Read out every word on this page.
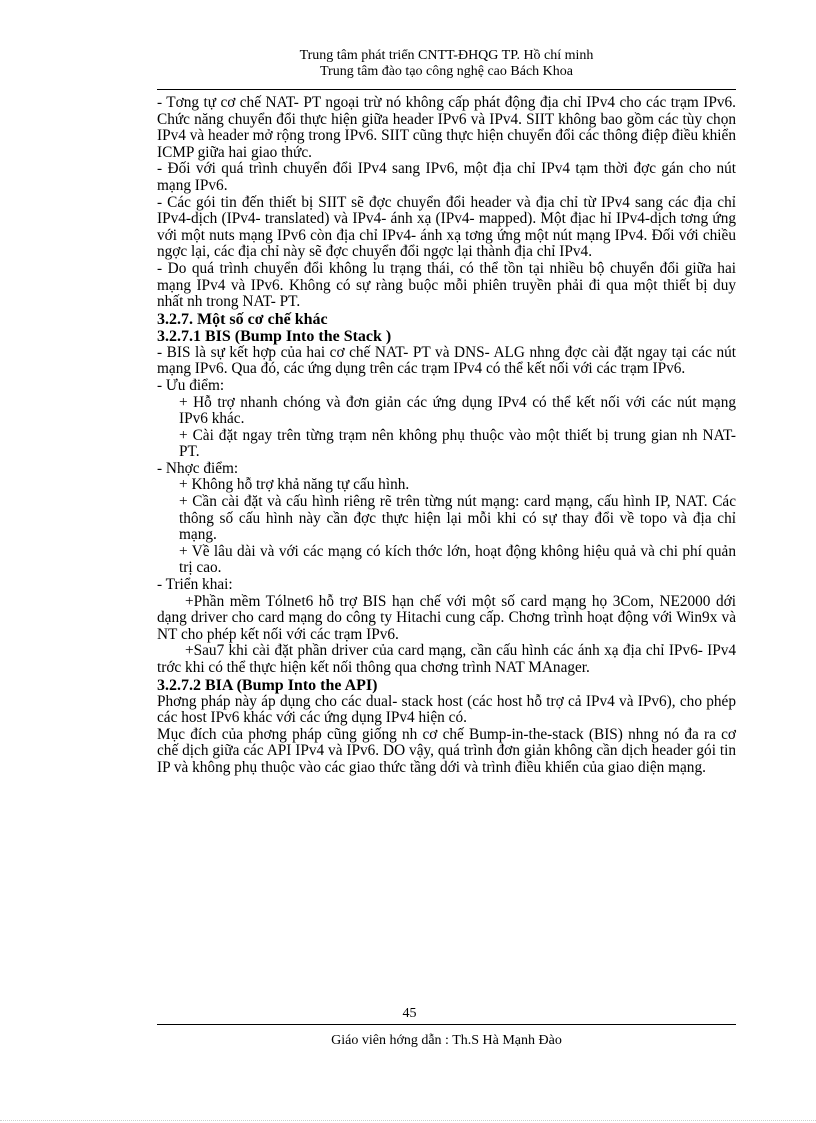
Trung tâm phát triển CNTT-ĐHQG TP. Hồ chí minh
Trung tâm đào tạo công nghệ cao Bách Khoa

- Tơng tự cơ chế NAT- PT ngoại trừ nó không cấp phát động địa chỉ IPv4 cho các trạm IPv6. Chức năng chuyển đổi thực hiện giữa header IPv6 và IPv4. SIIT không bao gồm các tùy chọn IPv4 và header mở rộng trong IPv6. SIIT cũng thực hiện chuyển đổi các thông điệp điều khiển ICMP giữa hai giao thức.

- Đối với quá trình chuyển đổi IPv4 sang IPv6, một địa chỉ IPv4 tạm thời đợc gán cho nút mạng IPv6.

- Các gói tin đến thiết bị SIIT sẽ đợc chuyển đổi header và địa chỉ từ IPv4 sang các địa chỉ IPv4-dịch (IPv4- translated) và IPv4- ánh xạ (IPv4- mapped). Một địac hỉ IPv4-dịch tơng ứng với một nuts mạng IPv6 còn địa chỉ IPv4- ánh xạ tơng ứng một nút mạng IPv4. Đối với chiều ngợc lại, các địa chỉ này sẽ đợc chuyển đổi ngợc lại thành địa chỉ IPv4.

- Do quá trình chuyển đổi không lu trạng thái, có thể tồn tại nhiều bộ chuyển đổi giữa hai mạng IPv4 và IPv6. Không có sự ràng buộc mỗi phiên truyền phải đi qua một thiết bị duy nhất nh trong NAT- PT.

3.2.7. Một số cơ chế khác
3.2.7.1 BIS (Bump Into the Stack )

- BIS là sự kết hợp của hai cơ chế NAT- PT và DNS- ALG nhng đợc cài đặt ngay tại các nút mạng IPv6. Qua đó, các ứng dụng trên các trạm IPv4 có thể kết nối với các trạm IPv6.

- Ưu điểm:

+ Hỗ trợ nhanh chóng và đơn giản các ứng dụng IPv4 có thể kết nối với các nút mạng IPv6 khác.

+ Cài đặt ngay trên từng trạm nên không phụ thuộc vào một thiết bị trung gian nh NAT- PT.

- Nhợc điểm:

+ Không hỗ trợ khả năng tự cấu hình.

+ Cần cài đặt và cấu hình riêng rẽ trên từng nút mạng: card mạng, cấu hình IP, NAT. Các thông số cấu hình này cần đợc thực hiện lại mỗi khi có sự thay đổi về topo và địa chỉ mạng.

+ Về lâu dài và với các mạng có kích thớc lớn, hoạt động không hiệu quả và chi phí quản trị cao.

- Triển khai:

+Phần mềm Tólnet6 hỗ trợ BIS hạn chế với một số card mạng họ 3Com, NE2000 dới dạng driver cho card mạng do công ty Hitachi cung cấp. Chơng trình hoạt động với Win9x và NT cho phép kết nối với các trạm IPv6.

+Sau7 khi cài đặt phần driver của card mạng, cần cấu hình các ánh xạ địa chỉ IPv6- IPv4 trớc khi có thể thực hiện kết nối thông qua chơng trình NAT MAnager.

3.2.7.2 BIA (Bump Into the API)

Phơng pháp này áp dụng cho các dual- stack host (các host hỗ trợ cả IPv4 và IPv6), cho phép các host IPv6 khác với các ứng dụng IPv4 hiện có.

Mục đích của phơng pháp cũng giống nh cơ chế Bump-in-the-stack (BIS) nhng nó đa ra cơ chế dịch giữa các API IPv4 và IPv6. DO vậy, quá trình đơn giản không cần dịch header gói tin IP và không phụ thuộc vào các giao thức tầng dới và trình điều khiển của giao diện mạng.

45
Giáo viên hớng dẫn : Th.S Hà Mạnh Đào
